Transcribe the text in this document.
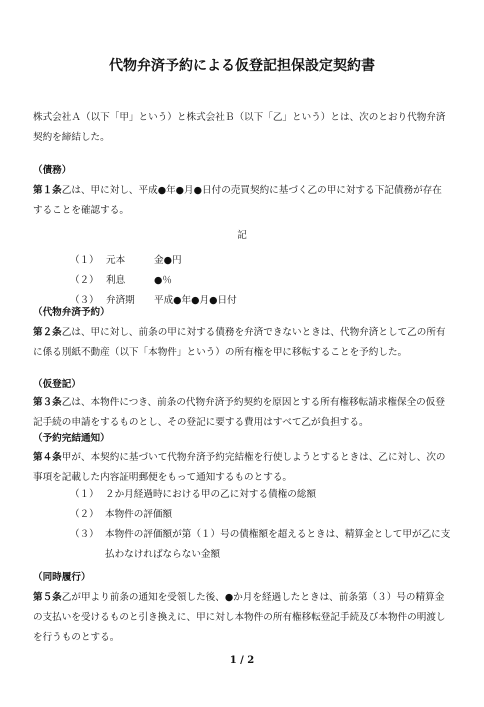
代物弁済予約による仮登記担保設定契約書
株式会社Ａ（以下「甲」という）と株式会社Ｂ（以下「乙」という）とは、次のとおり代物弁済契約を締結した。
（債務）
第１条乙は、甲に対し、平成●年●月●日付の売買契約に基づく乙の甲に対する下記債務が存在することを確認する。
記
（１） 元本	金●円
（２） 利息	●％
（３） 弁済期 平成●年●月●日付
（代物弁済予約）
第２条乙は、甲に対し、前条の甲に対する債務を弁済できないときは、代物弁済として乙の所有に係る別紙不動産（以下「本物件」という）の所有権を甲に移転することを予約した。
（仮登記）
第３条乙は、本物件につき、前条の代物弁済予約契約を原因とする所有権移転請求権保全の仮登記手続の申請をするものとし、その登記に要する費用はすべて乙が負担する。
（予約完結通知）
第４条甲が、本契約に基づいて代物弁済予約完結権を行使しようとするときは、乙に対し、次の事項を記載した内容証明郵便をもって通知するものとする。
（１） ２か月経過時における甲の乙に対する債権の総額
（２） 本物件の評価額
（３） 本物件の評価額が第（１）号の債権額を超えるときは、精算金として甲が乙に支払わなければならない金額
（同時履行）
第５条乙が甲より前条の通知を受領した後、●か月を経過したときは、前条第（３）号の精算金の支払いを受けるものと引き換えに、甲に対し本物件の所有権移転登記手続及び本物件の明渡しを行うものとする。
1 / 2
